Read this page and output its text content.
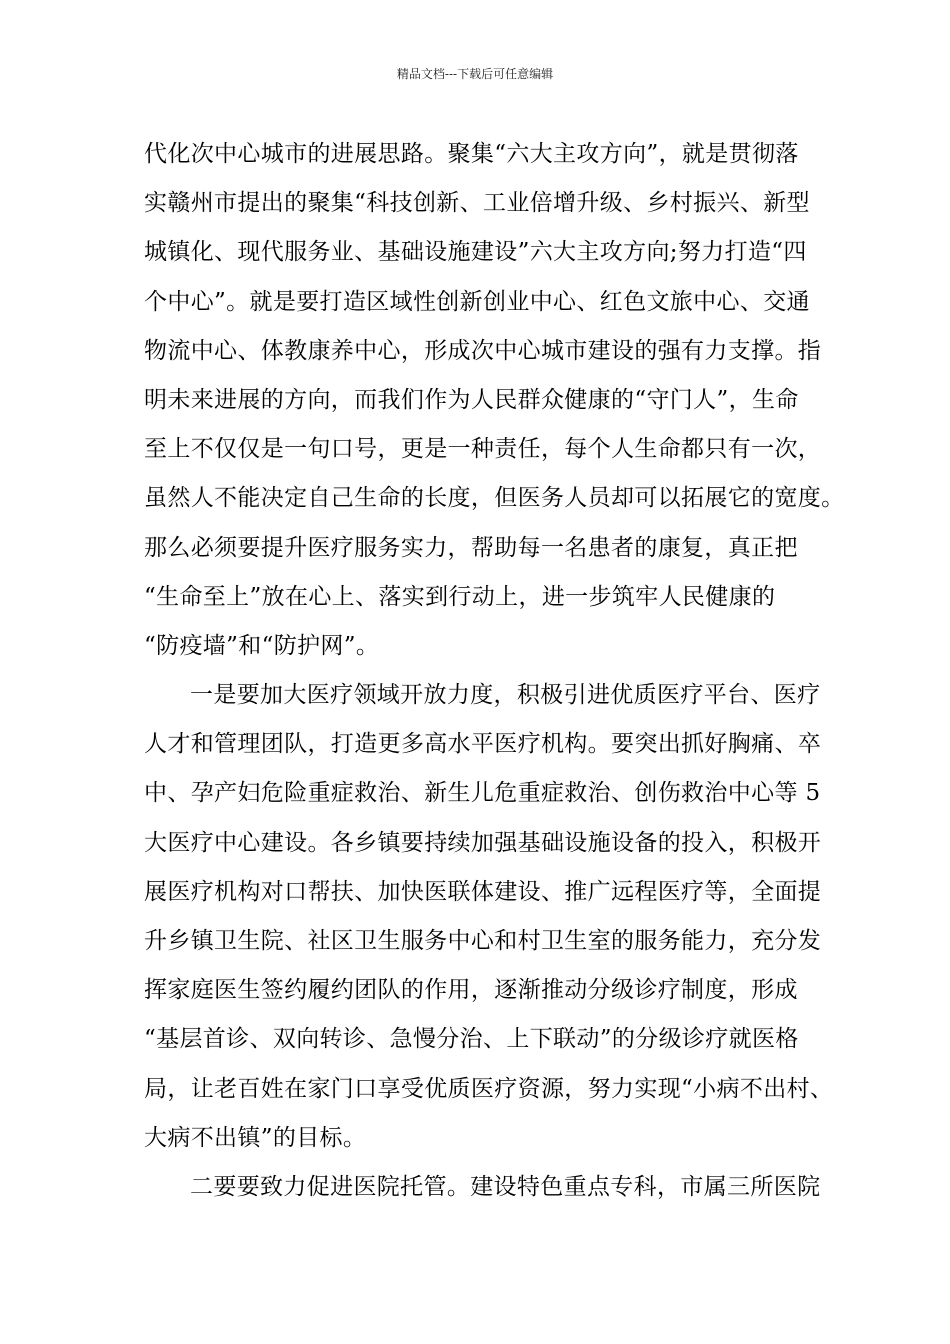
精品文档---下载后可任意编辑
代化次中心城市的进展思路。聚集“六大主攻方向”，就是贯彻落
实赣州市提出的聚集“科技创新、工业倍增升级、乡村振兴、新型
城镇化、现代服务业、基础设施建设”六大主攻方向;努力打造“四
个中心”。就是要打造区域性创新创业中心、红色文旅中心、交通
物流中心、体教康养中心，形成次中心城市建设的强有力支撑。指
明未来进展的方向，而我们作为人民群众健康的“守门人”，生命
至上不仅仅是一句口号，更是一种责任，每个人生命都只有一次，
虽然人不能决定自己生命的长度，但医务人员却可以拓展它的宽度。
那么必须要提升医疗服务实力，帮助每一名患者的康复，真正把
“生命至上”放在心上、落实到行动上，进一步筑牢人民健康的
“防疫墙”和“防护网”。
一是要加大医疗领域开放力度，积极引进优质医疗平台、医疗
人才和管理团队，打造更多高水平医疗机构。要突出抓好胸痛、卒
中、孕产妇危险重症救治、新生儿危重症救治、创伤救治中心等 5
大医疗中心建设。各乡镇要持续加强基础设施设备的投入，积极开
展医疗机构对口帮扶、加快医联体建设、推广远程医疗等，全面提
升乡镇卫生院、社区卫生服务中心和村卫生室的服务能力，充分发
挥家庭医生签约履约团队的作用，逐渐推动分级诊疗制度，形成
“基层首诊、双向转诊、急慢分治、上下联动”的分级诊疗就医格
局，让老百姓在家门口享受优质医疗资源，努力实现“小病不出村、
大病不出镇”的目标。
二要要致力促进医院托管。建设特色重点专科，市属三所医院
